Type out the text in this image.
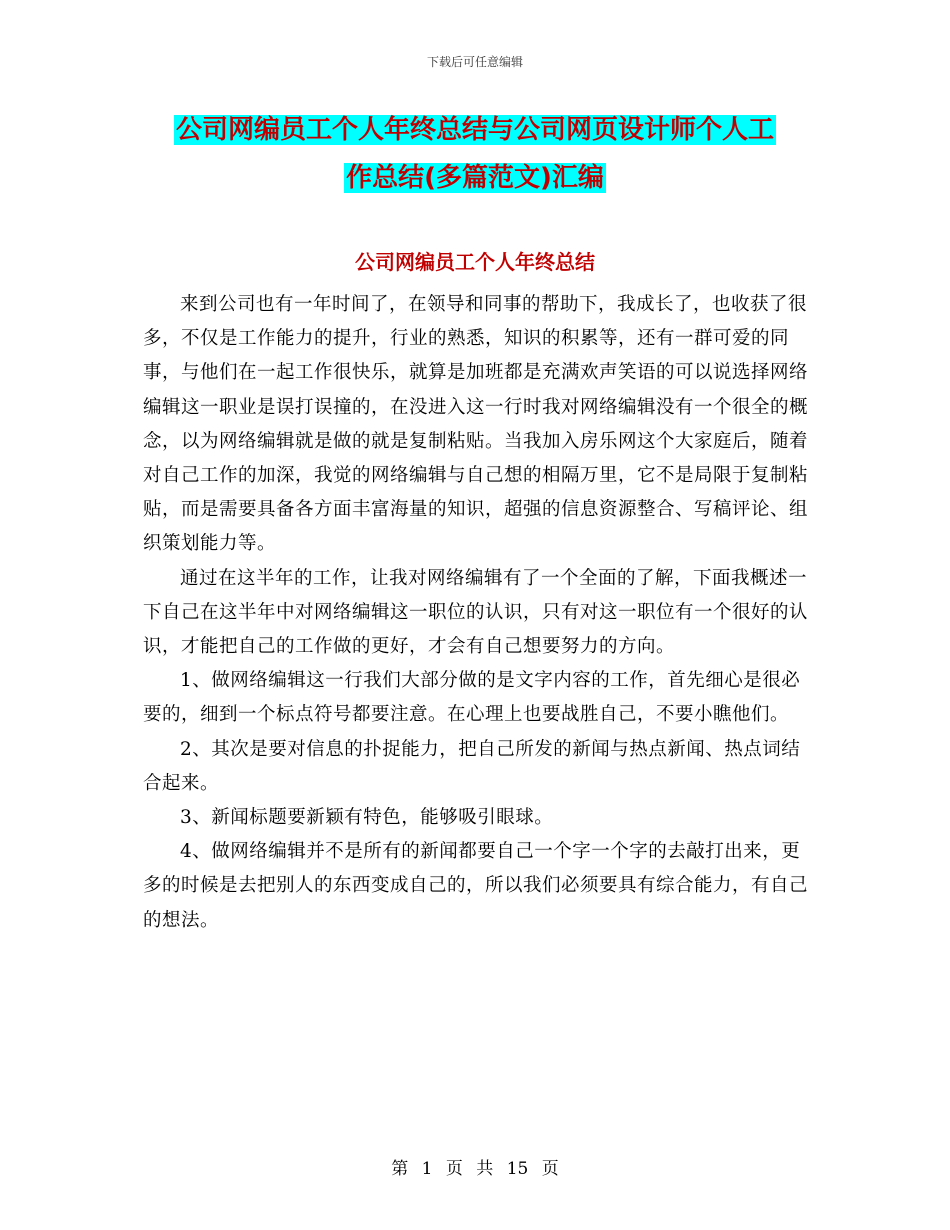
下载后可任意编辑
公司网编员工个人年终总结与公司网页设计师个人工
作总结(多篇范文)汇编
公司网编员工个人年终总结

来到公司也有一年时间了，在领导和同事的帮助下，我成长了，也收获了很多，不仅是工作能力的提升，行业的熟悉，知识的积累等，还有一群可爱的同事，与他们在一起工作很快乐，就算是加班都是充满欢声笑语的可以说选择网络编辑这一职业是误打误撞的，在没进入这一行时我对网络编辑没有一个很全的概念，以为网络编辑就是做的就是复制粘贴。当我加入房乐网这个大家庭后，随着对自己工作的加深，我觉的网络编辑与自己想的相隔万里，它不是局限于复制粘贴，而是需要具备各方面丰富海量的知识，超强的信息资源整合、写稿评论、组织策划能力等。

通过在这半年的工作，让我对网络编辑有了一个全面的了解，下面我概述一下自己在这半年中对网络编辑这一职位的认识，只有对这一职位有一个很好的认识，才能把自己的工作做的更好，才会有自己想要努力的方向。

1、做网络编辑这一行我们大部分做的是文字内容的工作，首先细心是很必要的，细到一个标点符号都要注意。在心理上也要战胜自己，不要小瞧他们。

2、其次是要对信息的扑捉能力，把自己所发的新闻与热点新闻、热点词结合起来。

3、新闻标题要新颖有特色，能够吸引眼球。

4、做网络编辑并不是所有的新闻都要自己一个字一个字的去敲打出来，更多的时候是去把别人的东西变成自己的，所以我们必须要具有综合能力，有自己的想法。

第 1 页 共 15 页
